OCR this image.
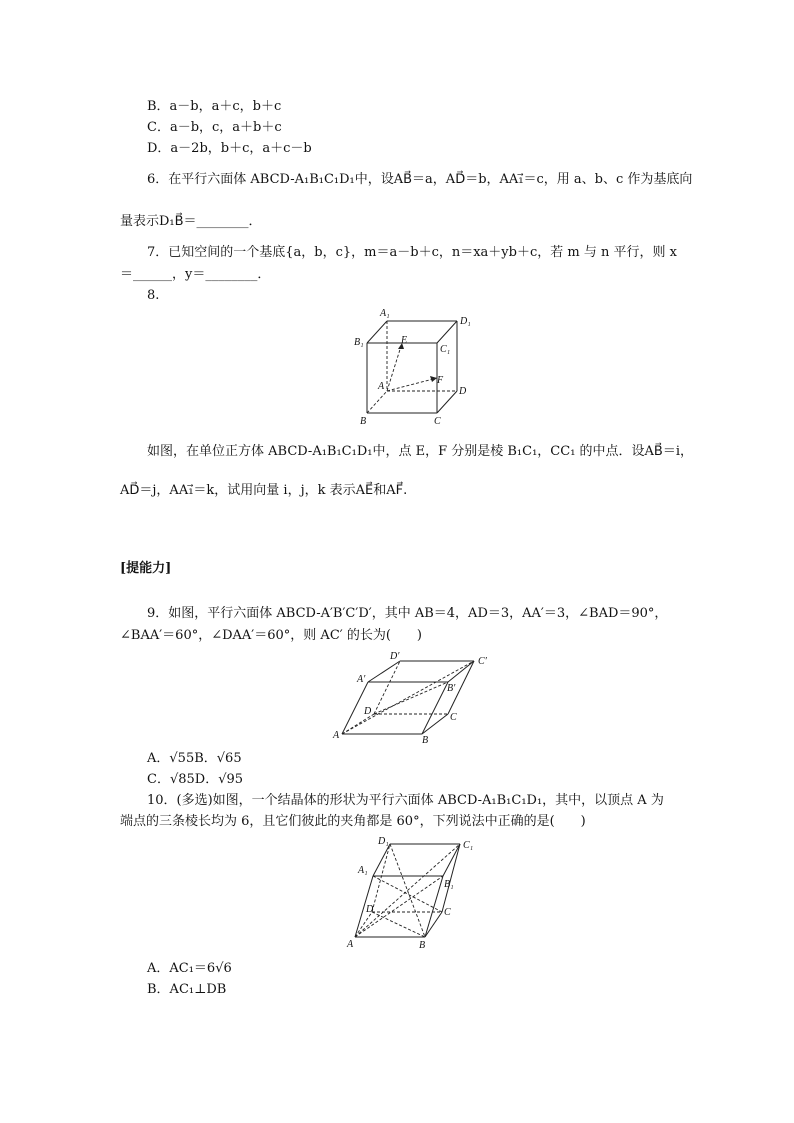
B．a－b，a＋c，b＋c
C．a－b，c，a＋b＋c
D．a－2b，b＋c，a＋c－b
6．在平行六面体 ABCD-A₁B₁C₁D₁中，设AB⃗＝a，AD⃗＝b，AA₁⃗＝c，用 a、b、c 作为基底向
量表示D₁B⃗＝________．
7．已知空间的一个基底{a，b，c}，m＝a－b＋c，n＝xa＋yb＋c，若 m 与 n 平行，则 x
＝______，y＝________．
8.
A₁
D₁
B₁
C₁
E
A
F
D
B	C
如图，在单位正方体 ABCD-A₁B₁C₁D₁中，点 E，F 分别是棱 B₁C₁，CC₁ 的中点．设AB⃗＝i，
AD⃗＝j，AA₁⃗＝k，试用向量 i，j，k 表示AE⃗和AF⃗.
[提能力]
9．如图，平行六面体 ABCD-A′B′C′D′，其中 AB＝4，AD＝3，AA′＝3，∠BAD＝90°，
∠BAA′＝60°，∠DAA′＝60°，则 AC′ 的长为(　　)
D′	C′
A′
B′
D
C
A	B
A．√55B．√65
C．√85D．√95
10．(多选)如图，一个结晶体的形状为平行六面体 ABCD-A₁B₁C₁D₁，其中，以顶点 A 为
端点的三条棱长均为 6，且它们彼此的夹角都是 60°，下列说法中正确的是(　　)
D₁	C₁
A₁
B₁
D	C
A	B
A．AC₁＝6√6
B．AC₁⊥DB
